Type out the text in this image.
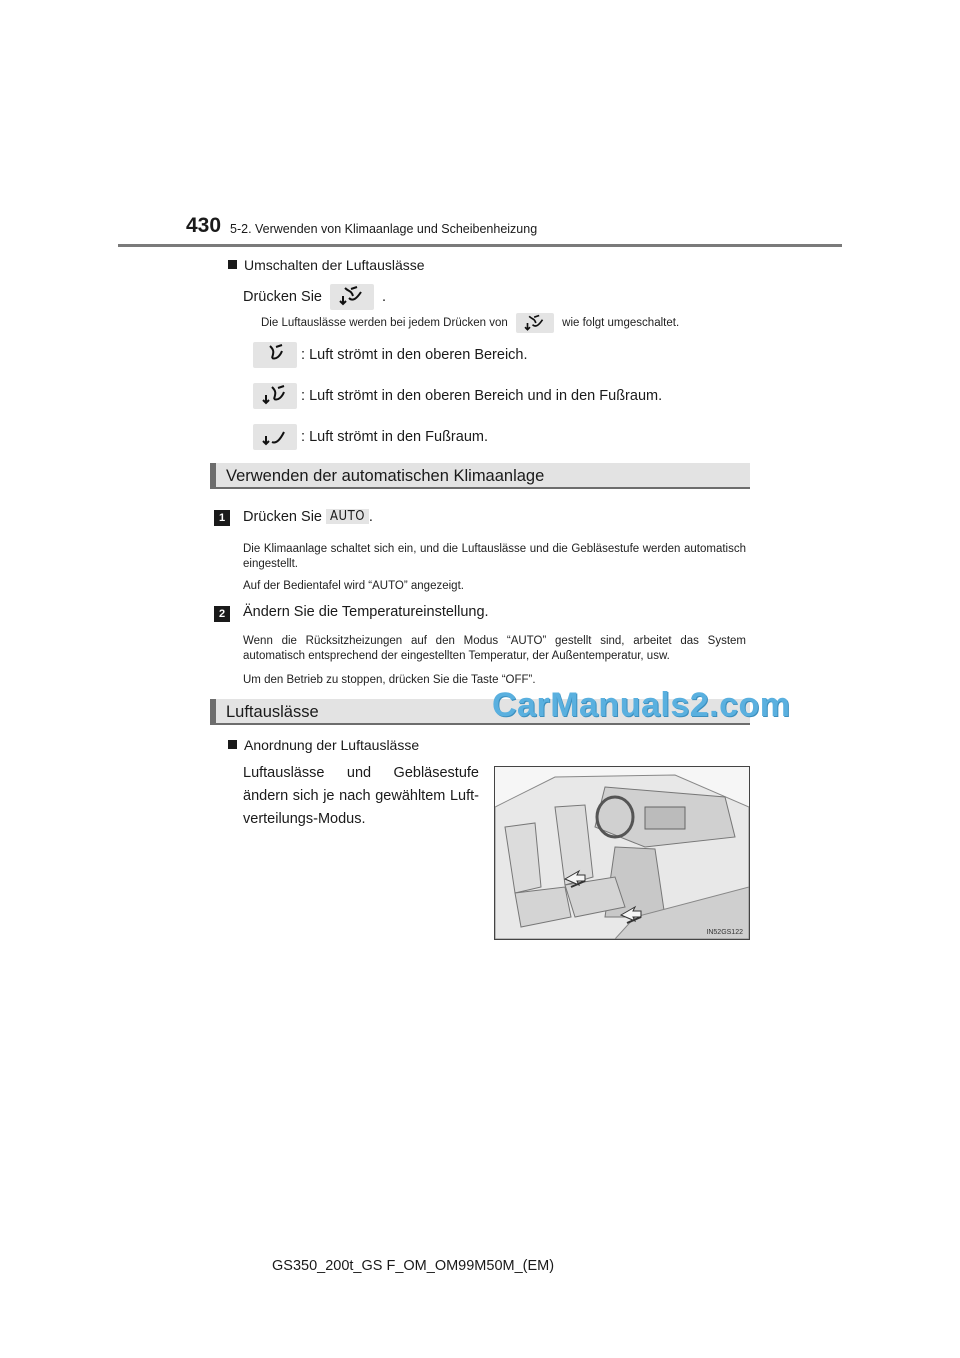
430 5-2. Verwenden von Klimaanlage und Scheibenheizung
Umschalten der Luftauslässe
Drücken Sie	.
Die Luftauslässe werden bei jedem Drücken von	wie folgt umgeschaltet.
: Luft strömt in den oberen Bereich.
: Luft strömt in den oberen Bereich und in den Fußraum.
: Luft strömt in den Fußraum.
Verwenden der automatischen Klimaanlage
1	Drücken Sie AUTO .
Die Klimaanlage schaltet sich ein, und die Luftauslässe und die Gebläsestufe werden automatisch eingestellt.
Auf der Bedientafel wird “AUTO” angezeigt.
2	Ändern Sie die Temperatureinstellung.
Wenn die Rücksitzheizungen auf den Modus “AUTO” gestellt sind, arbeitet das System automatisch entsprechend der eingestellten Temperatur, der Außentemperatur, usw.
Um den Betrieb zu stoppen, drücken Sie die Taste “OFF”.
Luftauslässe	CarManuals2.com
Anordnung der Luftauslässe
Luftauslässe und Gebläsestufe ändern sich je nach gewähltem Luft-verteilungs-Modus.
IN52GS122
GS350_200t_GS F_OM_OM99M50M_(EM)
